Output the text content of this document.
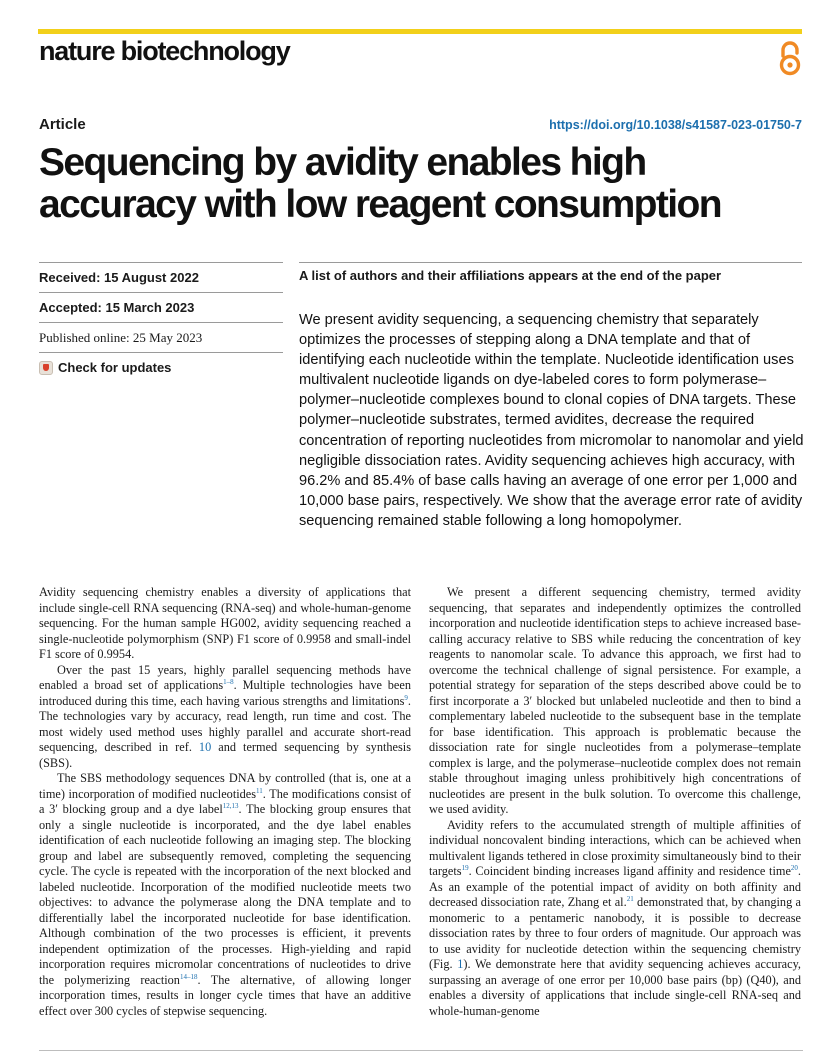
nature biotechnology
Article	https://doi.org/10.1038/s41587-023-01750-7
Sequencing by avidity enables high accuracy with low reagent consumption
Received: 15 August 2022
Accepted: 15 March 2023
Published online: 25 May 2023
Check for updates
A list of authors and their affiliations appears at the end of the paper

We present avidity sequencing, a sequencing chemistry that separately optimizes the processes of stepping along a DNA template and that of identifying each nucleotide within the template. Nucleotide identification uses multivalent nucleotide ligands on dye-labeled cores to form polymerase–polymer–nucleotide complexes bound to clonal copies of DNA targets. These polymer–nucleotide substrates, termed avidites, decrease the required concentration of reporting nucleotides from micromolar to nanomolar and yield negligible dissociation rates. Avidity sequencing achieves high accuracy, with 96.2% and 85.4% of base calls having an average of one error per 1,000 and 10,000 base pairs, respectively. We show that the average error rate of avidity sequencing remained stable following a long homopolymer.

Avidity sequencing chemistry enables a diversity of applications that include single-cell RNA sequencing (RNA-seq) and whole-human-genome sequencing. For the human sample HG002, avidity sequencing reached a single-nucleotide polymorphism (SNP) F1 score of 0.9958 and small-indel F1 score of 0.9954.

Over the past 15 years, highly parallel sequencing methods have enabled a broad set of applications$^{1-8}$. Multiple technologies have been introduced during this time, each having various strengths and limitations$^9$. The technologies vary by accuracy, read length, run time and cost. The most widely used method uses highly parallel and accurate short-read sequencing, described in ref. 10 and termed sequencing by synthesis (SBS).

The SBS methodology sequences DNA by controlled (that is, one at a time) incorporation of modified nucleotides$^{11}$. The modifications consist of a 3′ blocking group and a dye label$^{12,13}$. The blocking group ensures that only a single nucleotide is incorporated, and the dye label enables identification of each nucleotide following an imaging step. The blocking group and label are subsequently removed, completing the sequencing cycle. The cycle is repeated with the incorporation of the next blocked and labeled nucleotide. Incorporation of the modified nucleotide meets two objectives: to advance the polymerase along the DNA template and to differentially label the incorporated nucleotide for base identification. Although combination of the two processes is efficient, it prevents independent optimization of the processes. High-yielding and rapid incorporation requires micromolar concentrations of nucleotides to drive the polymerizing reaction$^{14-18}$. The alternative, of allowing longer incorporation times, results in longer cycle times that have an additive effect over 300 cycles of stepwise sequencing.

We present a different sequencing chemistry, termed avidity sequencing, that separates and independently optimizes the controlled incorporation and nucleotide identification steps to achieve increased base-calling accuracy relative to SBS while reducing the concentration of key reagents to nanomolar scale. To advance this approach, we first had to overcome the technical challenge of signal persistence. For example, a potential strategy for separation of the steps described above could be to first incorporate a 3′ blocked but unlabeled nucleotide and then to bind a complementary labeled nucleotide to the subsequent base in the template for base identification. This approach is problematic because the dissociation rate for single nucleotides from a polymerase–template complex is large, and the polymerase–nucleotide complex does not remain stable throughout imaging unless prohibitively high concentrations of nucleotides are present in the bulk solution. To overcome this challenge, we used avidity.

Avidity refers to the accumulated strength of multiple affinities of individual noncovalent binding interactions, which can be achieved when multivalent ligands tethered in close proximity simultaneously bind to their targets$^{19}$. Coincident binding increases ligand affinity and residence time$^{20}$. As an example of the potential impact of avidity on both affinity and decreased dissociation rate, Zhang et al.$^{21}$ demonstrated that, by changing a monomeric to a pentameric nanobody, it is possible to decrease dissociation rates by three to four orders of magnitude. Our approach was to use avidity for nucleotide detection within the sequencing chemistry (Fig. 1). We demonstrate here that avidity sequencing achieves accuracy, surpassing an average of one error per 10,000 base pairs (bp) (Q40), and enables a diversity of applications that include single-cell RNA-seq and whole-human-genome
